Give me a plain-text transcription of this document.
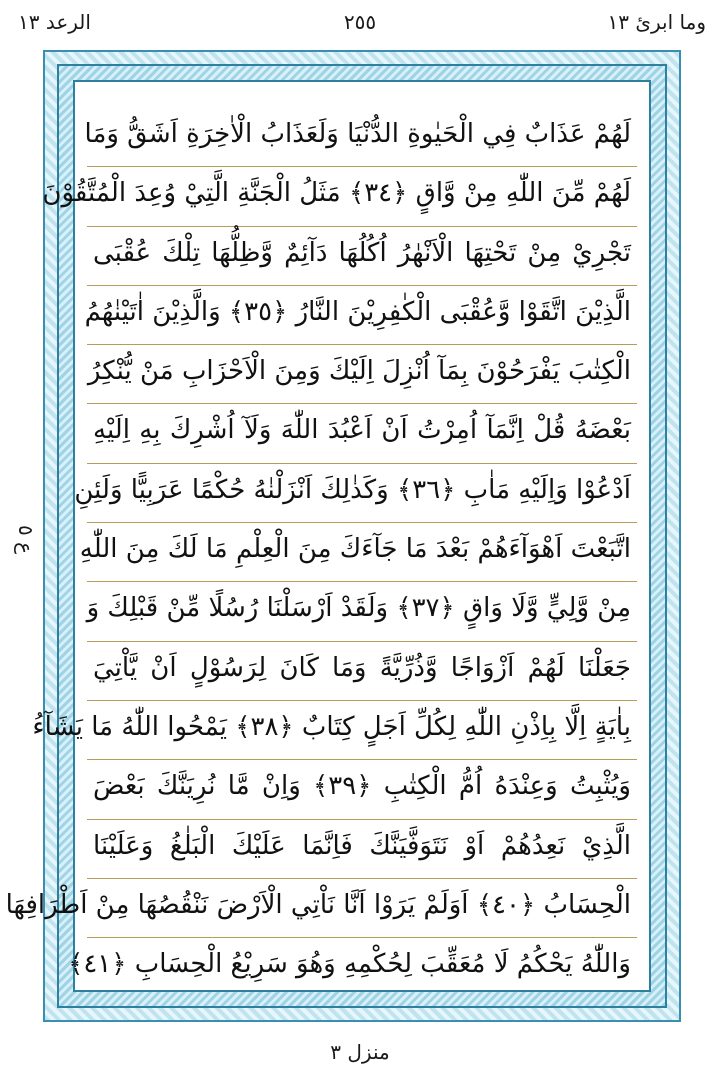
الرعد ١٣	٢٥٥	وما ابرئ ١٣
ع ٥
لَهُمْ عَذَابٌ فِي الْحَيٰوةِ الدُّنْيَا وَلَعَذَابُ الْاٰخِرَةِ اَشَقُّ وَمَا
لَهُمْ مِّنَ اللّٰهِ مِنْ وَّاقٍ ﴿٣٤﴾ مَثَلُ الْجَنَّةِ الَّتِيْ وُعِدَ الْمُتَّقُوْنَ
تَجْرِيْ مِنْ تَحْتِهَا الْاَنْهٰرُ اُكُلُهَا دَآئِمٌ وَّظِلُّهَا تِلْكَ عُقْبَى
الَّذِيْنَ اتَّقَوْا وَّعُقْبَى الْكٰفِرِيْنَ النَّارُ ﴿٣٥﴾ وَالَّذِيْنَ اٰتَيْنٰهُمُ
الْكِتٰبَ يَفْرَحُوْنَ بِمَآ اُنْزِلَ اِلَيْكَ وَمِنَ الْاَحْزَابِ مَنْ يُّنْكِرُ
بَعْضَهُ قُلْ اِنَّمَآ اُمِرْتُ اَنْ اَعْبُدَ اللّٰهَ وَلَآ اُشْرِكَ بِهِ اِلَيْهِ
اَدْعُوْا وَاِلَيْهِ مَاٰبِ ﴿٣٦﴾ وَكَذٰلِكَ اَنْزَلْنٰهُ حُكْمًا عَرَبِيًّا وَلَئِنِ
اتَّبَعْتَ اَهْوَآءَهُمْ بَعْدَ مَا جَآءَكَ مِنَ الْعِلْمِ مَا لَكَ مِنَ اللّٰهِ
مِنْ وَّلِيٍّ وَّلَا وَاقٍ ﴿٣٧﴾ وَلَقَدْ اَرْسَلْنَا رُسُلًا مِّنْ قَبْلِكَ وَ
جَعَلْنَا لَهُمْ اَزْوَاجًا وَّذُرِّيَّةً وَمَا كَانَ لِرَسُوْلٍ اَنْ يَّاْتِيَ
بِاٰيَةٍ اِلَّا بِاِذْنِ اللّٰهِ لِكُلِّ اَجَلٍ كِتَابٌ ﴿٣٨﴾ يَمْحُوا اللّٰهُ مَا يَشَآءُ
وَيُثْبِتُ وَعِنْدَهُ اُمُّ الْكِتٰبِ ﴿٣٩﴾ وَاِنْ مَّا نُرِيَنَّكَ بَعْضَ
الَّذِيْ نَعِدُهُمْ اَوْ نَتَوَفَّيَنَّكَ فَاِنَّمَا عَلَيْكَ الْبَلٰغُ وَعَلَيْنَا
الْحِسَابُ ﴿٤٠﴾ اَوَلَمْ يَرَوْا اَنَّا نَاْتِي الْاَرْضَ نَنْقُصُهَا مِنْ اَطْرَافِهَا
وَاللّٰهُ يَحْكُمُ لَا مُعَقِّبَ لِحُكْمِهِ وَهُوَ سَرِيْعُ الْحِسَابِ ﴿٤١﴾
منزل ٣
